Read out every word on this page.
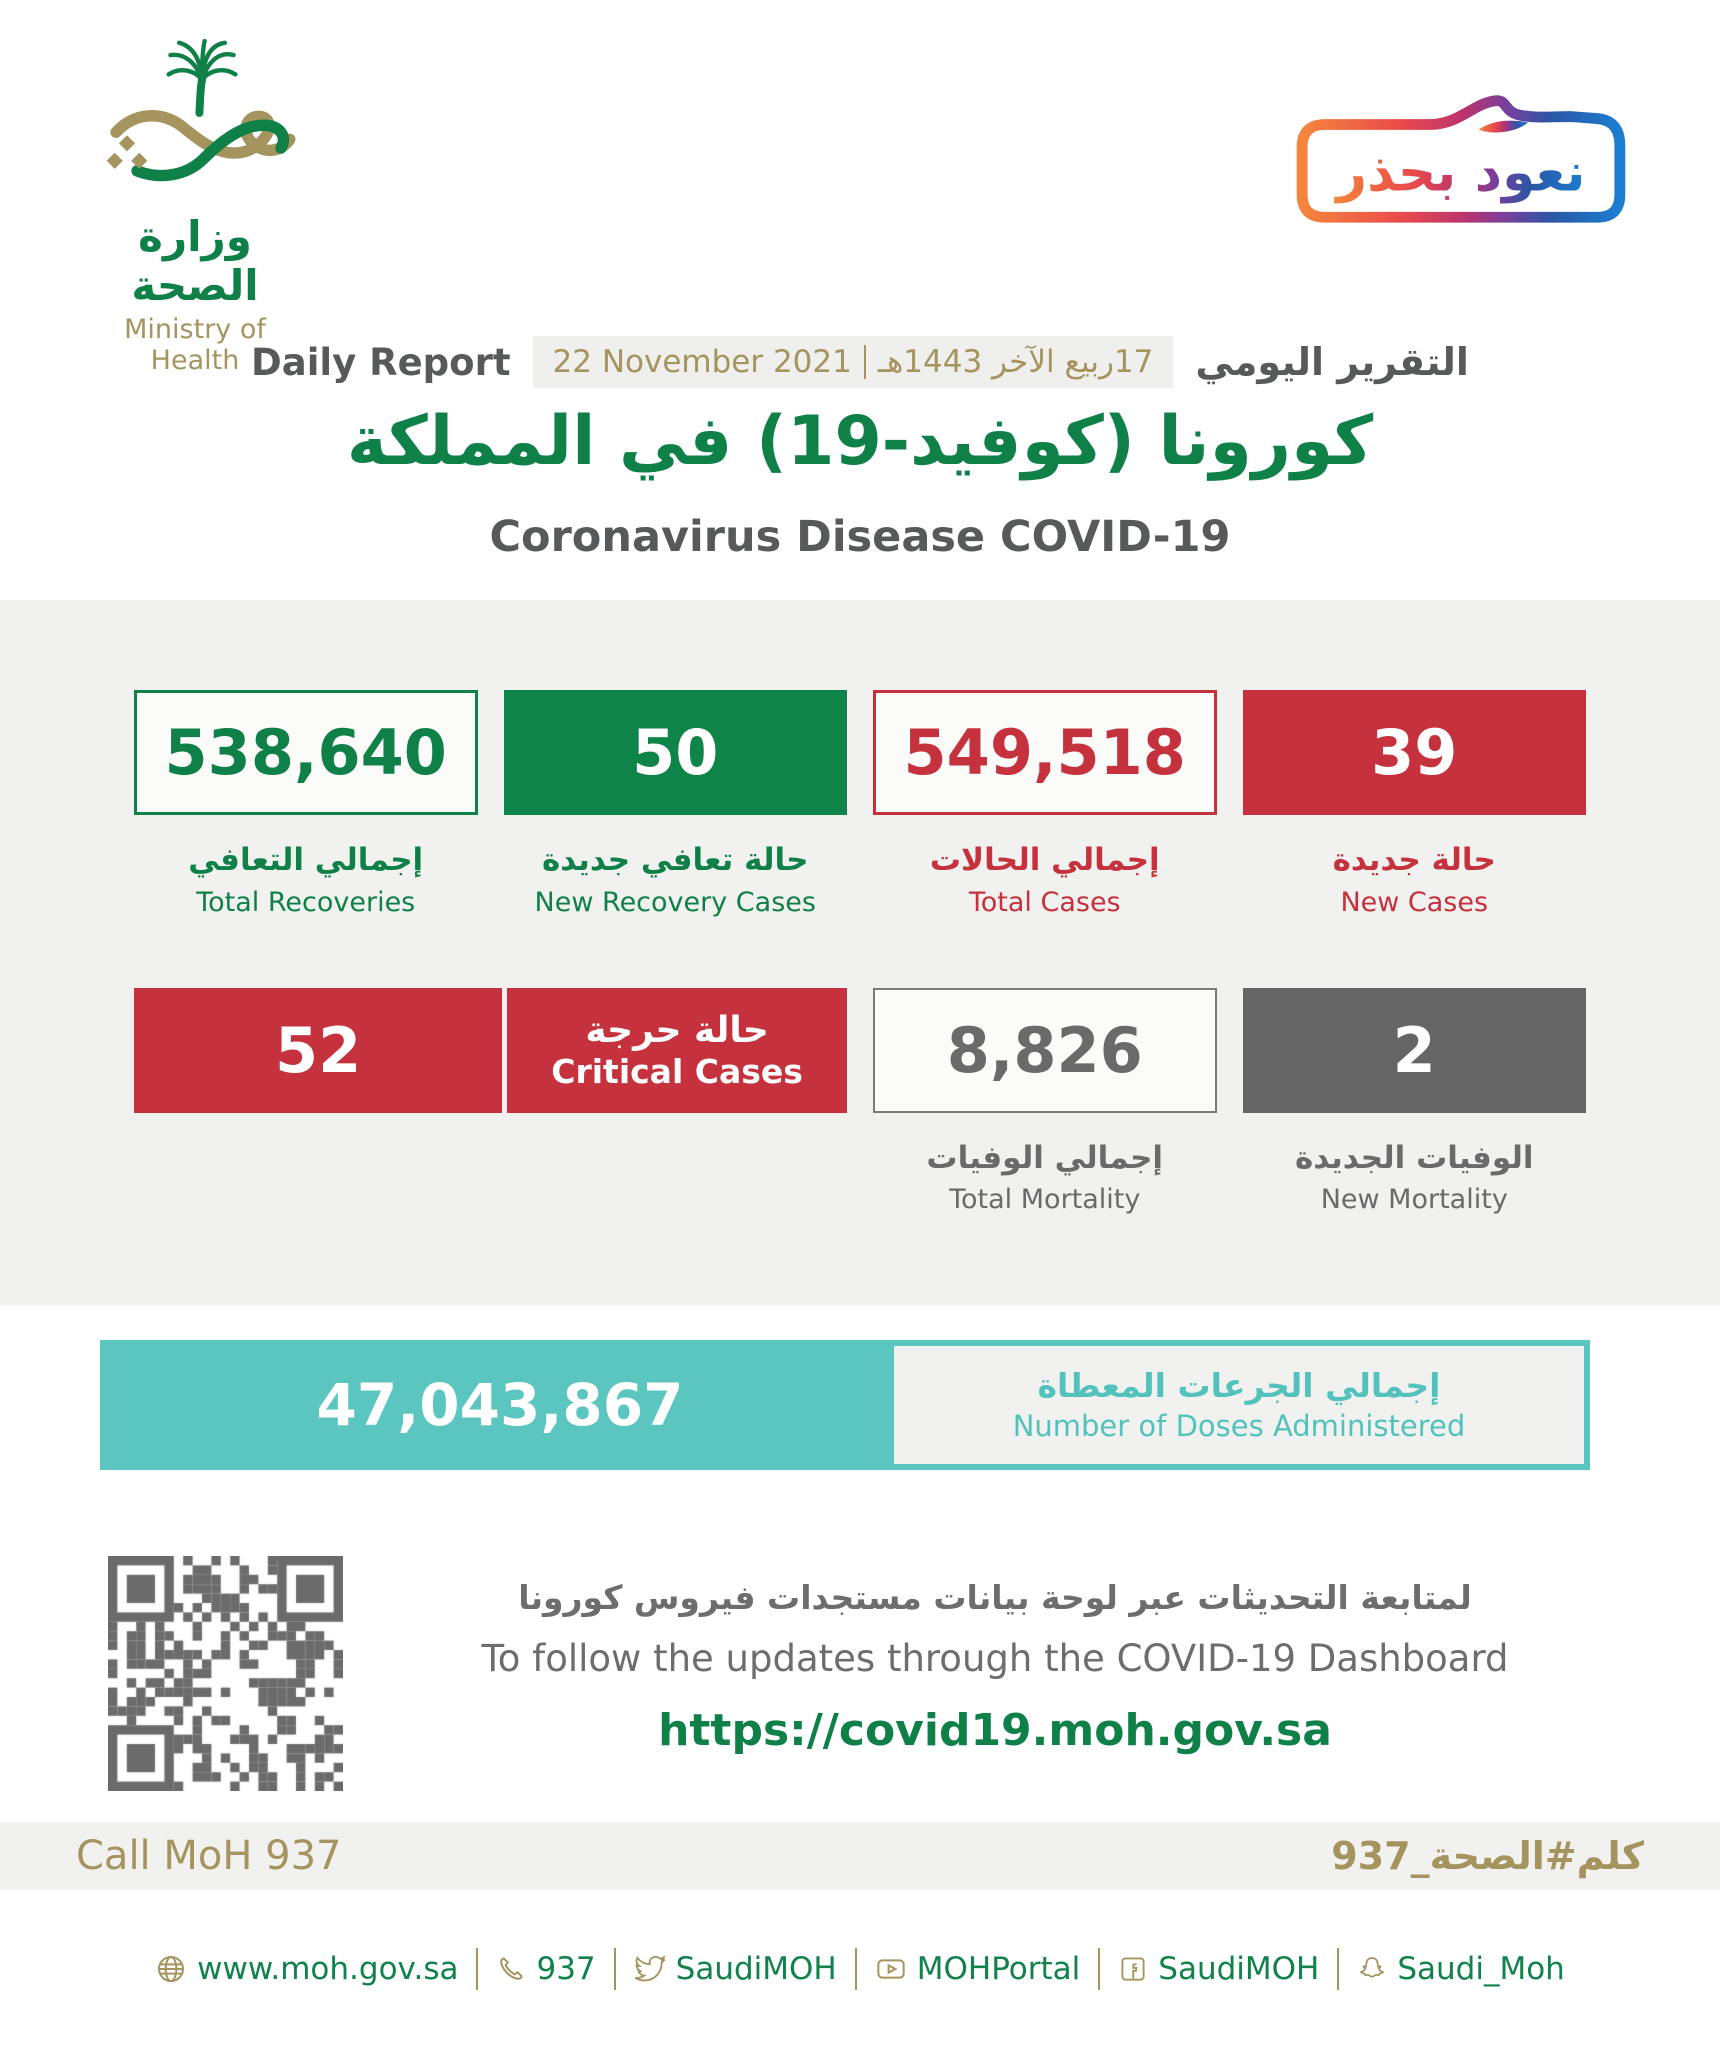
وزارة الصحة
Ministry of Health
نعود بحذر
Daily Report 22 November 2021 17ربيع الآخر 1443هـ التقرير اليومي
كورونا (كوفيد-19) في المملكة
Coronavirus Disease COVID-19
538,640
إجمالي التعافي
Total Recoveries
50
حالة تعافي جديدة
New Recovery Cases
549,518
إجمالي الحالات
Total Cases
39
حالة جديدة
New Cases
52	حالة حرجة
Critical Cases	8,826
إجمالي الوفيات
Total Mortality
2
الوفيات الجديدة
New Mortality
47,043,867	إجمالي الجرعات المعطاة
Number of Doses Administered
لمتابعة التحديثات عبر لوحة بيانات مستجدات فيروس كورونا
To follow the updates through the COVID-19 Dashboard
https://covid19.moh.gov.sa
Call MoH 937	كلم#الصحة_937
www.moh.gov.sa	937	SaudiMOH	MOHPortal	SaudiMOH	Saudi_Moh
